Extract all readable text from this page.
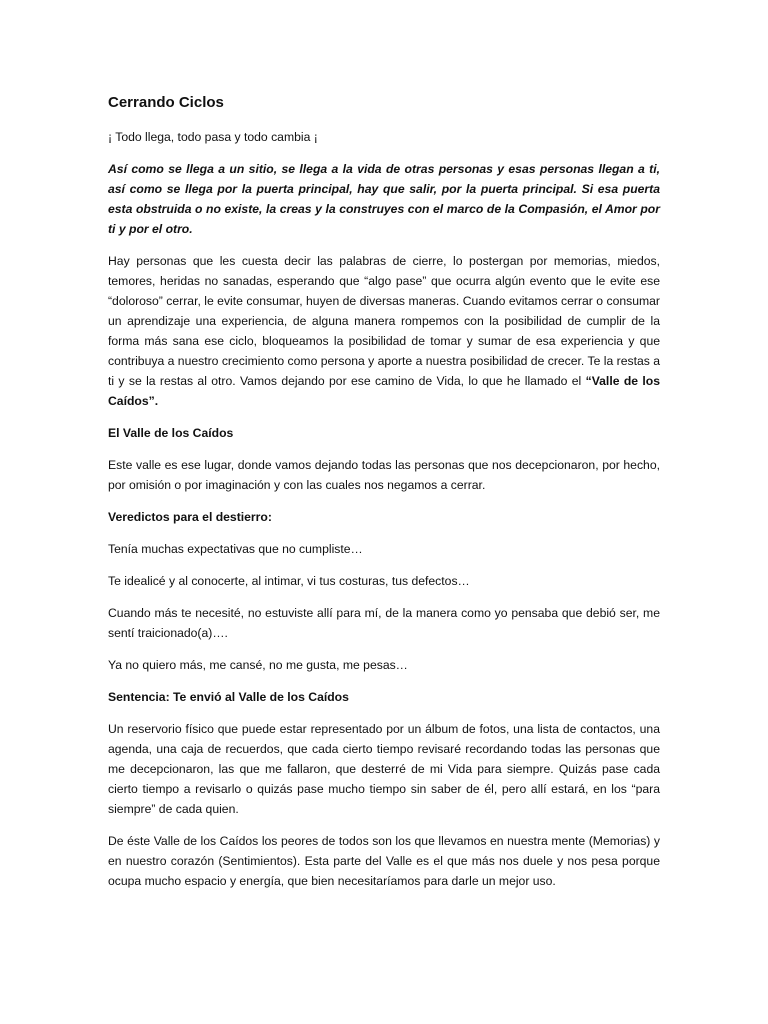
Cerrando Ciclos

¡ Todo llega, todo pasa y todo cambia ¡

Así como se llega a un sitio, se llega a la vida de otras personas y esas personas llegan a ti, así como se llega por la puerta principal, hay que salir, por la puerta principal. Si esa puerta esta obstruida o no existe, la creas y la construyes con el marco de la Compasión, el Amor por ti y por el otro.

Hay personas que les cuesta decir las palabras de cierre, lo postergan por memorias, miedos, temores, heridas no sanadas, esperando que “algo pase” que ocurra algún evento que le evite ese “doloroso” cerrar, le evite consumar, huyen de diversas maneras. Cuando evitamos cerrar o consumar un aprendizaje una experiencia, de alguna manera rompemos con la posibilidad de cumplir de la forma más sana ese ciclo, bloqueamos la posibilidad de tomar y sumar de esa experiencia y que contribuya a nuestro crecimiento como persona y aporte a nuestra posibilidad de crecer. Te la restas a ti y se la restas al otro. Vamos dejando por ese camino de Vida, lo que he llamado el “Valle de los Caídos”.

El Valle de los Caídos

Este valle es ese lugar, donde vamos dejando todas las personas que nos decepcionaron, por hecho, por omisión o por imaginación y con las cuales nos negamos a cerrar.

Veredictos para el destierro:

Tenía muchas expectativas que no cumpliste…

Te idealicé y al conocerte, al intimar, vi tus costuras, tus defectos…

Cuando más te necesité, no estuviste allí para mí, de la manera como yo pensaba que debió ser, me sentí traicionado(a)….

Ya no quiero más, me cansé, no me gusta, me pesas…

Sentencia: Te envió al Valle de los Caídos

Un reservorio físico que puede estar representado por un álbum de fotos, una lista de contactos, una agenda, una caja de recuerdos, que cada cierto tiempo revisaré recordando todas las personas que me decepcionaron, las que me fallaron, que desterré de mi Vida para siempre. Quizás pase cada cierto tiempo a revisarlo o quizás pase mucho tiempo sin saber de él, pero allí estará, en los “para siempre” de cada quien.

De éste Valle de los Caídos los peores de todos son los que llevamos en nuestra mente (Memorias) y en nuestro corazón (Sentimientos). Esta parte del Valle es el que más nos duele y nos pesa porque ocupa mucho espacio y energía, que bien necesitaríamos para darle un mejor uso.
